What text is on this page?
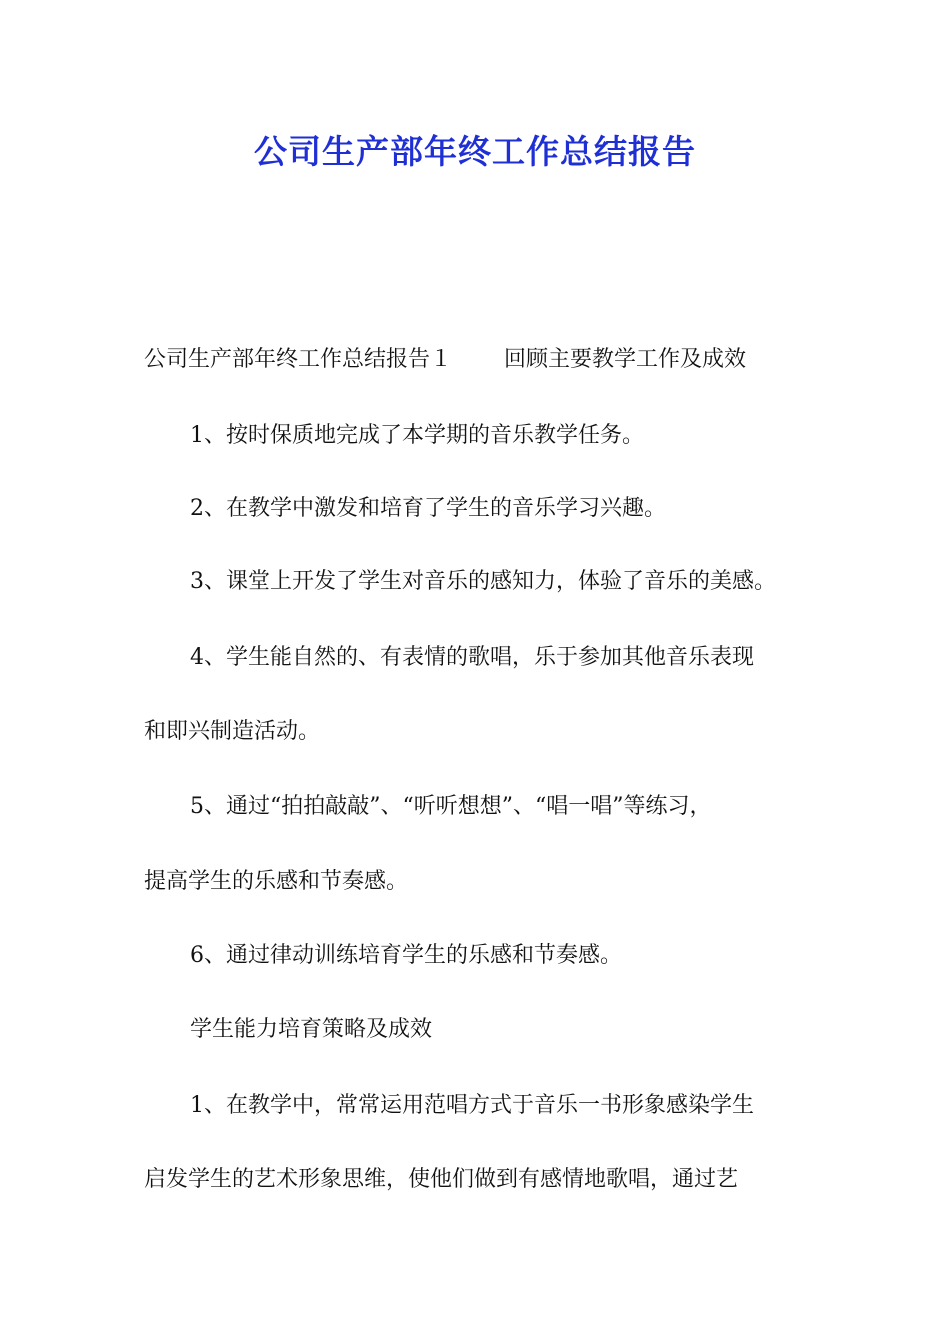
公司生产部年终工作总结报告
公司生产部年终工作总结报告１ 回顾主要教学工作及成效
1、按时保质地完成了本学期的音乐教学任务。
2、在教学中激发和培育了学生的音乐学习兴趣。
3、课堂上开发了学生对音乐的感知力，体验了音乐的美感。
4、学生能自然的、有表情的歌唱，乐于参加其他音乐表现
和即兴制造活动。
5、通过“拍拍敲敲”、“听听想想”、“唱一唱”等练习，
提高学生的乐感和节奏感。
6、通过律动训练培育学生的乐感和节奏感。
学生能力培育策略及成效
1、在教学中，常常运用范唱方式于音乐一书形象感染学生
启发学生的艺术形象思维，使他们做到有感情地歌唱，通过艺
